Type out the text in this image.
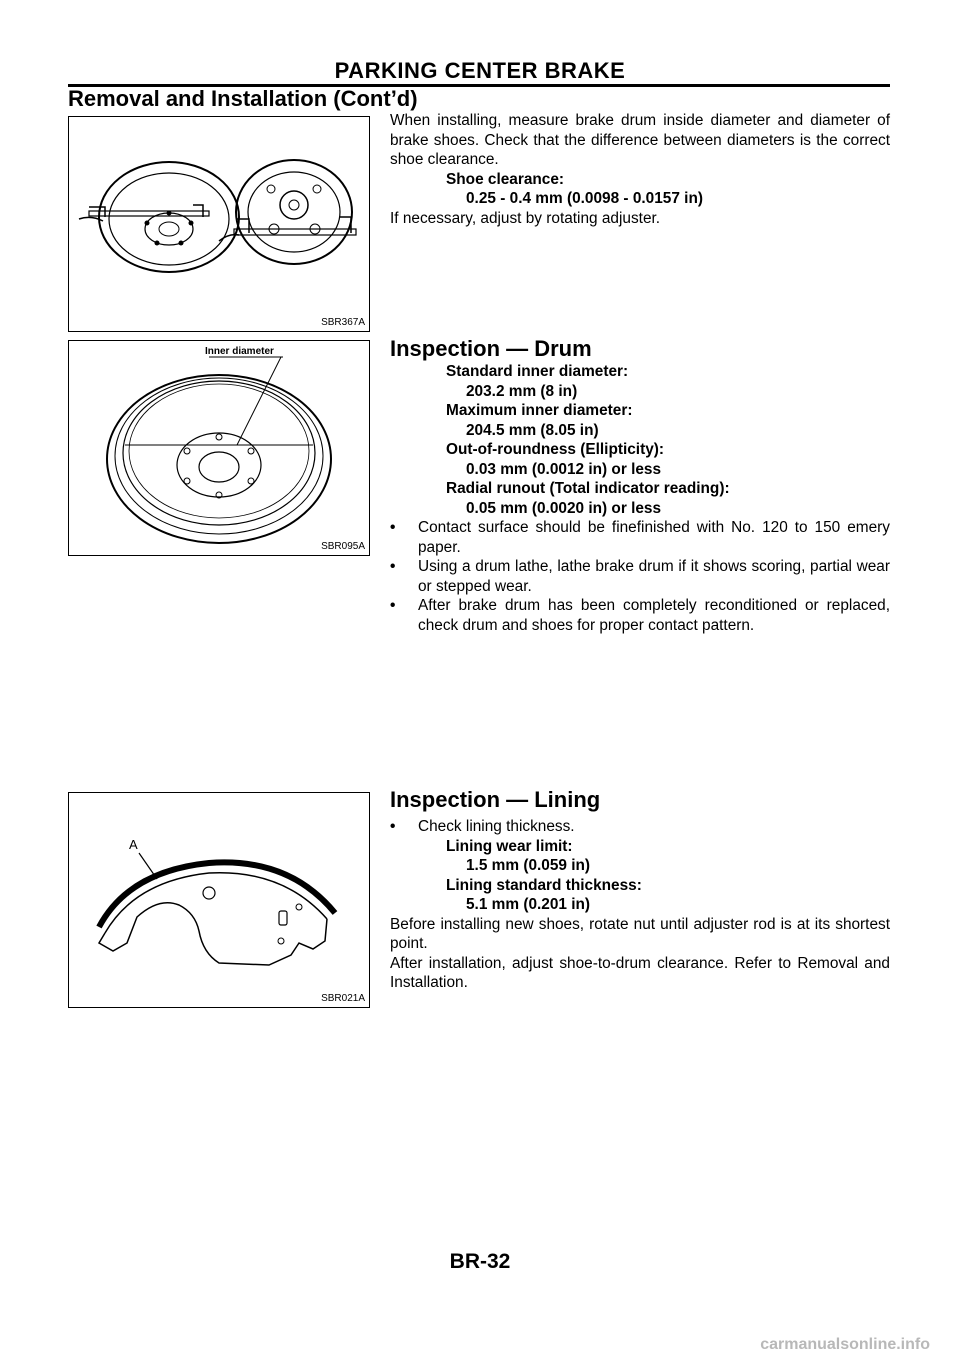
PARKING CENTER BRAKE
Removal and Installation (Cont’d)
SBR367A
Inner diameter
SBR095A
A
SBR021A
When installing, measure brake drum inside diameter and diameter of brake shoes. Check that the difference between diameters is the correct shoe clearance.
Shoe clearance:
0.25 - 0.4 mm (0.0098 - 0.0157 in)
If necessary, adjust by rotating adjuster.
Inspection — Drum
Standard inner diameter:
203.2 mm (8 in)
Maximum inner diameter:
204.5 mm (8.05 in)
Out-of-roundness (Ellipticity):
0.03 mm (0.0012 in) or less
Radial runout (Total indicator reading):
0.05 mm (0.0020 in) or less
•	Contact surface should be finefinished with No. 120 to 150 emery paper.
•	Using a drum lathe, lathe brake drum if it shows scoring, partial wear or stepped wear.
•	After brake drum has been completely reconditioned or replaced, check drum and shoes for proper contact pattern.
Inspection — Lining
•	Check lining thickness.
Lining wear limit:
1.5 mm (0.059 in)
Lining standard thickness:
5.1 mm (0.201 in)
Before installing new shoes, rotate nut until adjuster rod is at its shortest point.
After installation, adjust shoe-to-drum clearance. Refer to Removal and Installation.
BR-32
carmanualsonline.info
